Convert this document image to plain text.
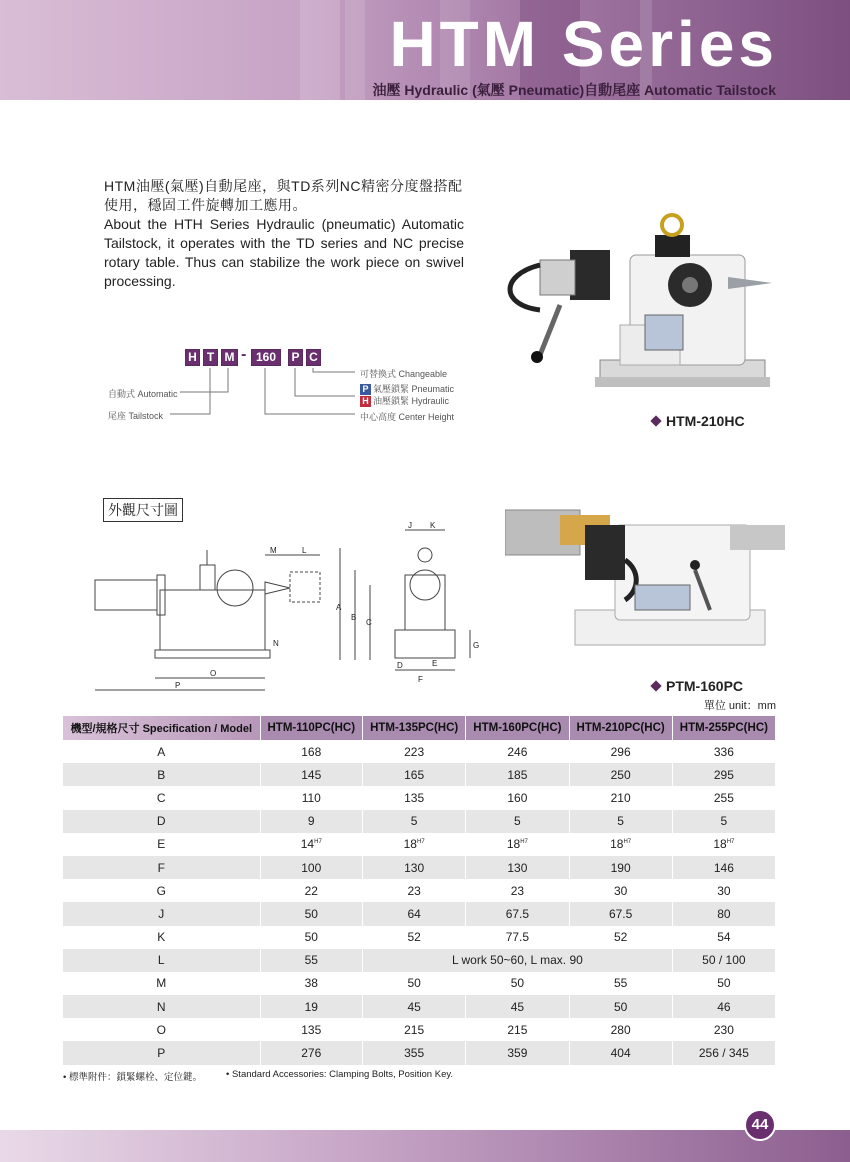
HTM Series
油壓 Hydraulic (氣壓 Pneumatic)自動尾座 Automatic Tailstock
HTM油壓(氣壓)自動尾座，與TD系列NC精密分度盤搭配使用，穩固工件旋轉加工應用。
About the HTH Series Hydraulic (pneumatic) Automatic Tailstock, it operates with the TD series and NC precise rotary table. Thus can stabilize the work piece on swivel processing.
HTM-210HC
H T M - 160	P C
可替換式 Changeable
P 氣壓鎖緊 Pneumatic
H 油壓鎖緊 Hydraulic
中心高度 Center Height
自動式 Automatic
尾座 Tailstock
外觀尺寸圖
M	L
N
O
P
J K
A
B
C
G
D	E
F	PTM-160PC
單位 unit：mm
機型/規格尺寸 Specification / Model	HTM-110PC(HC)	HTM-135PC(HC)	HTM-160PC(HC)	HTM-210PC(HC)	HTM-255PC(HC)
A	168	223	246	296	336
B	145	165	185	250	295
C	110	135	160	210	255
D	9	5	5	5	5
E	$14^{H7}$	$18^{H7}$	$18^{H7}$	$18^{H7}$	$18^{H7}$
F	100	130	130	190	146
G	22	23	23	30	30
J	50	64	67.5	67.5	80
K	50	52	77.5	52	54
L	55	L work 50~60, L max. 90			50 / 100
M	38	50	50	55	50
N	19	45	45	50	46
O	135	215	215	280	230
P	276	355	359	404	256 / 345
• 標準附件：鎖緊螺栓、定位鍵。	• Standard Accessories: Clamping Bolts, Position Key.
44
